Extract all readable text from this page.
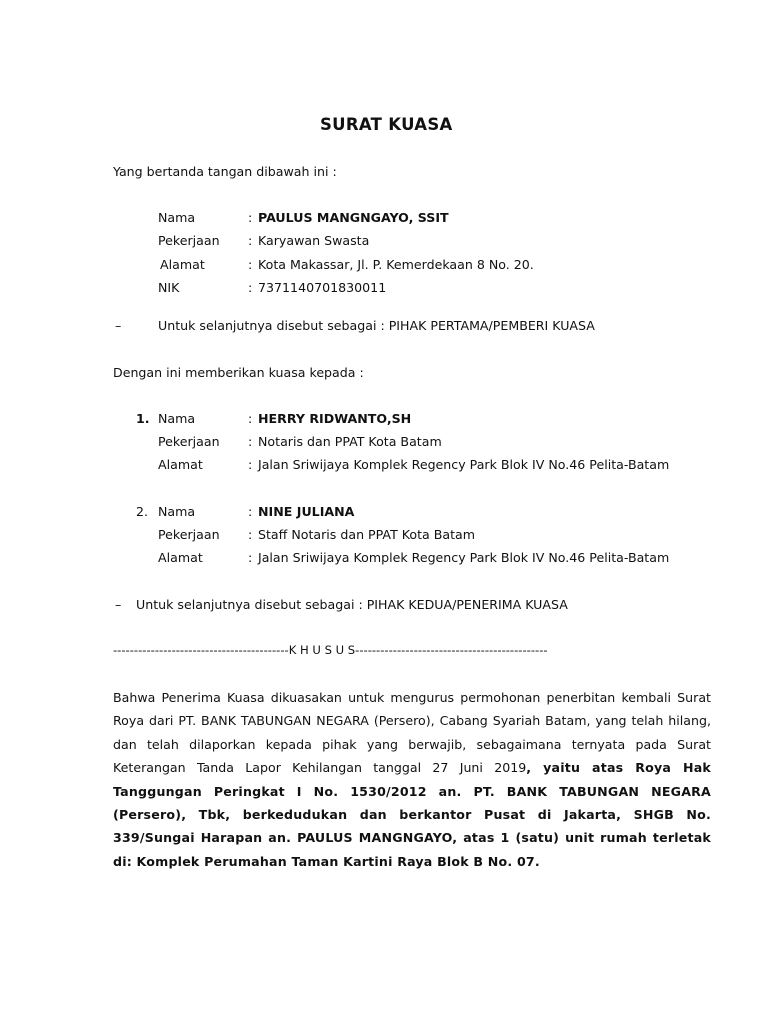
SURAT KUASA
Yang bertanda tangan dibawah ini :
Nama	: PAULUS MANGNGAYO, SSIT
Pekerjaan : Karyawan Swasta
Alamat	: Kota Makassar, Jl. P. Kemerdekaan 8 No. 20.
NIK	: 7371140701830011
–	Untuk selanjutnya disebut sebagai : PIHAK PERTAMA/PEMBERI KUASA
Dengan ini memberikan kuasa kepada :
1. Nama	: HERRY RIDWANTO,SH
Pekerjaan : Notaris dan PPAT Kota Batam
Alamat	: Jalan Sriwijaya Komplek Regency Park Blok IV No.46 Pelita-Batam
2. Nama	: NINE JULIANA
Pekerjaan : Staff Notaris dan PPAT Kota Batam
Alamat	: Jalan Sriwijaya Komplek Regency Park Blok IV No.46 Pelita-Batam
– Untuk selanjutnya disebut sebagai : PIHAK KEDUA/PENERIMA KUASA
------------------------------------------K H U S U S----------------------------------------------
Bahwa Penerima Kuasa dikuasakan untuk mengurus permohonan penerbitan kembali Surat Roya dari PT. BANK TABUNGAN NEGARA (Persero), Cabang Syariah Batam, yang telah hilang, dan telah dilaporkan kepada pihak yang berwajib, sebagaimana ternyata pada Surat Keterangan Tanda Lapor Kehilangan tanggal 27 Juni 2019, yaitu atas Roya Hak Tanggungan Peringkat I No. 1530/2012 an. PT. BANK TABUNGAN NEGARA (Persero), Tbk, berkedudukan dan berkantor Pusat di Jakarta, SHGB No. 339/Sungai Harapan an. PAULUS MANGNGAYO, atas 1 (satu) unit rumah terletak di: Komplek Perumahan Taman Kartini Raya Blok B No. 07.
